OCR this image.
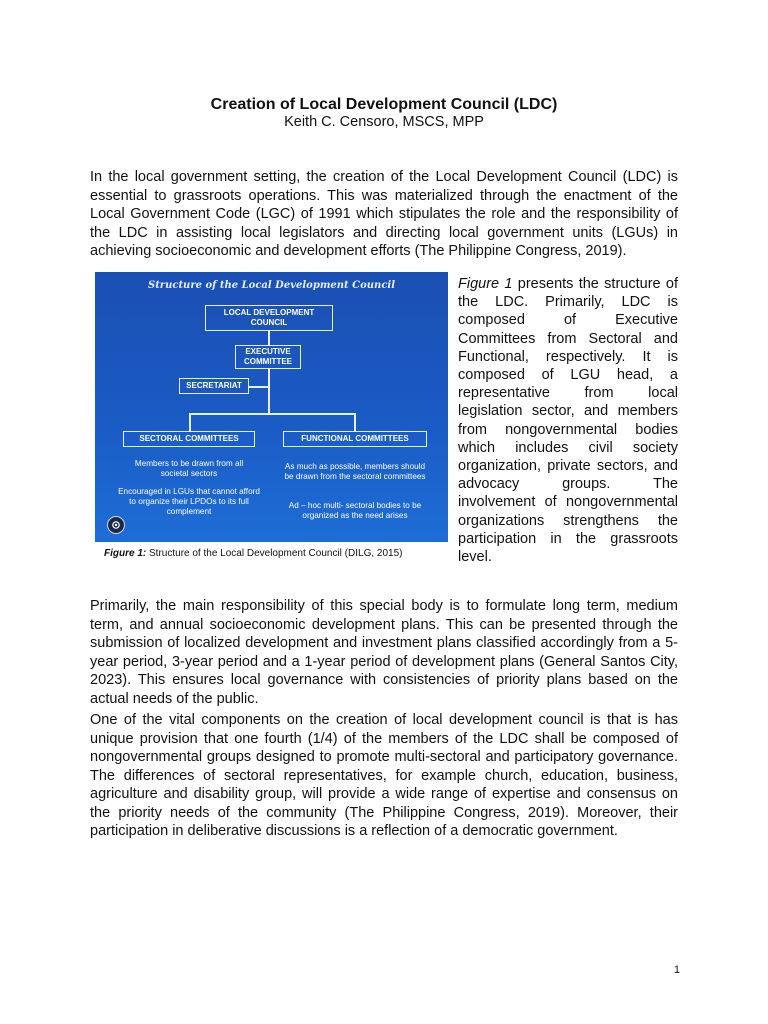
Creation of Local Development Council (LDC)

Keith C. Censoro, MSCS, MPP

In the local government setting, the creation of the Local Development Council (LDC) is essential to grassroots operations. This was materialized through the enactment of the Local Government Code (LGC) of 1991 which stipulates the role and the responsibility of the LDC in assisting local legislators and directing local government units (LGUs) in achieving socioeconomic and development efforts (The Philippine Congress, 2019).

Structure of the Local Development Council
LOCAL DEVELOPMENT COUNCIL
EXECUTIVE COMMITTEE
SECRETARIAT
SECTORAL COMMITTEES	FUNCTIONAL COMMITTEES
Members to be drawn from all societal sectors
Encouraged in LGUs that cannot afford to organize their LPDOs to its full complement
As much as possible, members should be drawn from the sectoral committees
Ad – hoc multi- sectoral bodies to be organized as the need arises

Figure 1: Structure of the Local Development Council (DILG, 2015)

Figure 1 presents the structure of the LDC. Primarily, LDC is composed of Executive Committees from Sectoral and Functional, respectively. It is composed of LGU head, a representative from local legislation sector, and members from nongovernmental bodies which includes civil society organization, private sectors, and advocacy groups. The involvement of nongovernmental organizations strengthens the participation in the grassroots level.

Primarily, the main responsibility of this special body is to formulate long term, medium term, and annual socioeconomic development plans. This can be presented through the submission of localized development and investment plans classified accordingly from a 5-year period, 3-year period and a 1-year period of development plans (General Santos City, 2023). This ensures local governance with consistencies of priority plans based on the actual needs of the public.

One of the vital components on the creation of local development council is that is has unique provision that one fourth (1/4) of the members of the LDC shall be composed of nongovernmental groups designed to promote multi-sectoral and participatory governance. The differences of sectoral representatives, for example church, education, business, agriculture and disability group, will provide a wide range of expertise and consensus on the priority needs of the community (The Philippine Congress, 2019). Moreover, their participation in deliberative discussions is a reflection of a democratic government.

1
